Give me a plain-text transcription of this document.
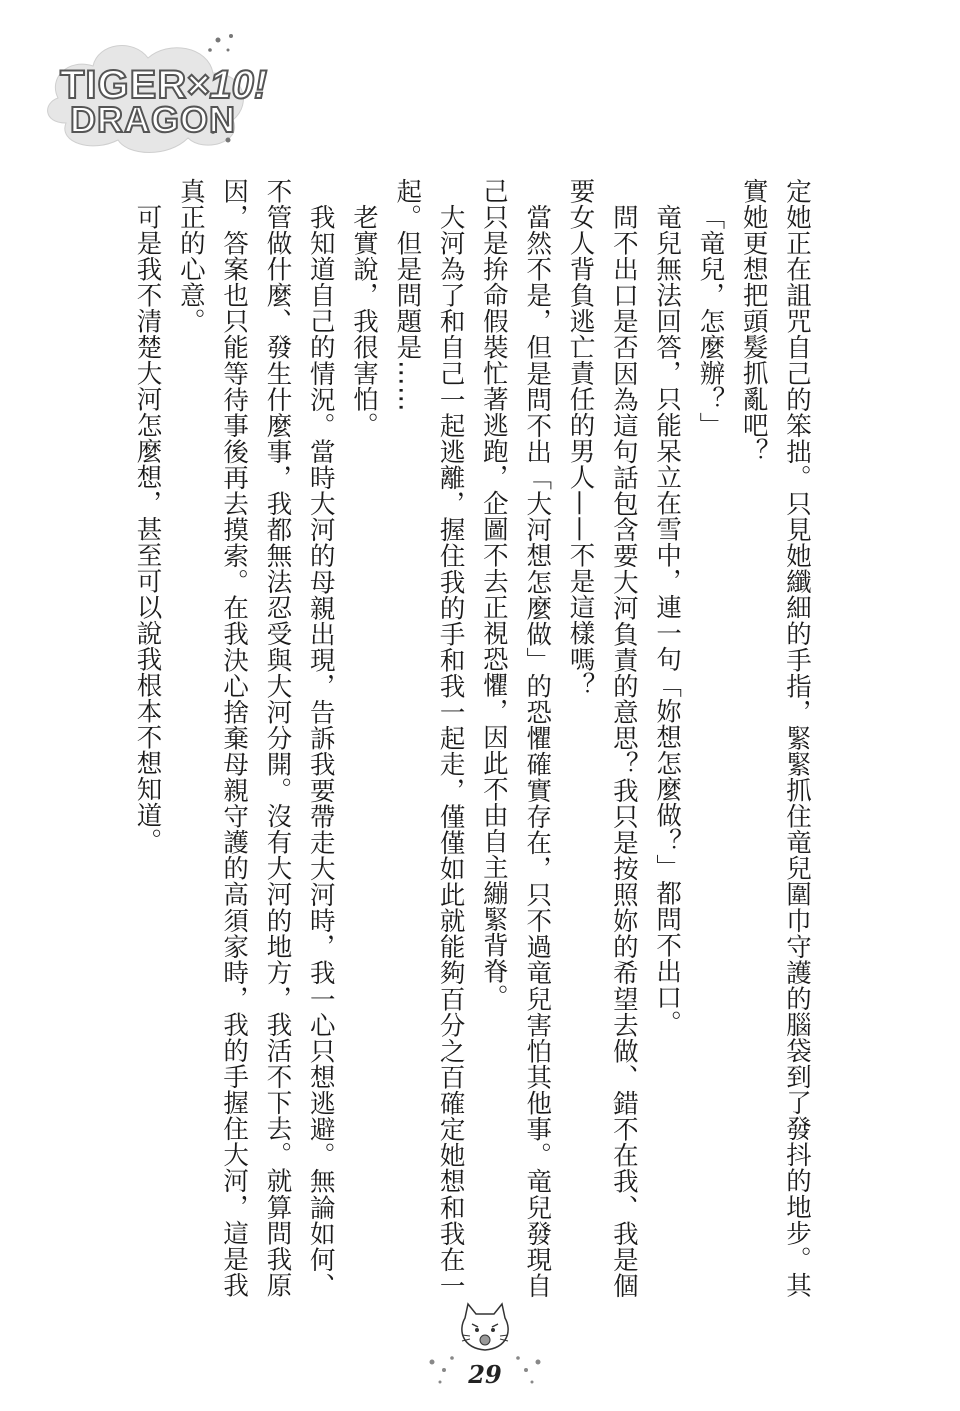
TIGER
DRAGON
×10!

定她正在詛咒自己的笨拙。只見她纖細的手指，緊緊抓住竜兒圍巾守護的腦袋到了發抖的地步。其實她更想把頭髮抓亂吧？

「竜兒，怎麼辦？」

竜兒無法回答，只能呆立在雪中，連一句「妳想怎麼做？」都問不出口。

問不出口是否因為這句話包含要大河負責的意思？我只是按照妳的希望去做、錯不在我、我是個要女人背負逃亡責任的男人——不是這樣嗎？

當然不是，但是問不出「大河想怎麼做」的恐懼確實存在，只不過竜兒害怕其他事。竜兒發現自己只是拚命假裝忙著逃跑，企圖不去正視恐懼，因此不由自主繃緊背脊。

大河為了和自己一起逃離，握住我的手和我一起走，僅僅如此就能夠百分之百確定她想和我在一起。但是問題是……

老實說，我很害怕。

我知道自己的情況。當時大河的母親出現，告訴我要帶走大河時，我一心只想逃避。無論如何、不管做什麼、發生什麼事，我都無法忍受與大河分開。沒有大河的地方，我活不下去。就算問我原因，答案也只能等待事後再去摸索。在我決心捨棄母親守護的高須家時，我的手握住大河，這是我真正的心意。

可是我不清楚大河怎麼想，甚至可以說我根本不想知道。

29
